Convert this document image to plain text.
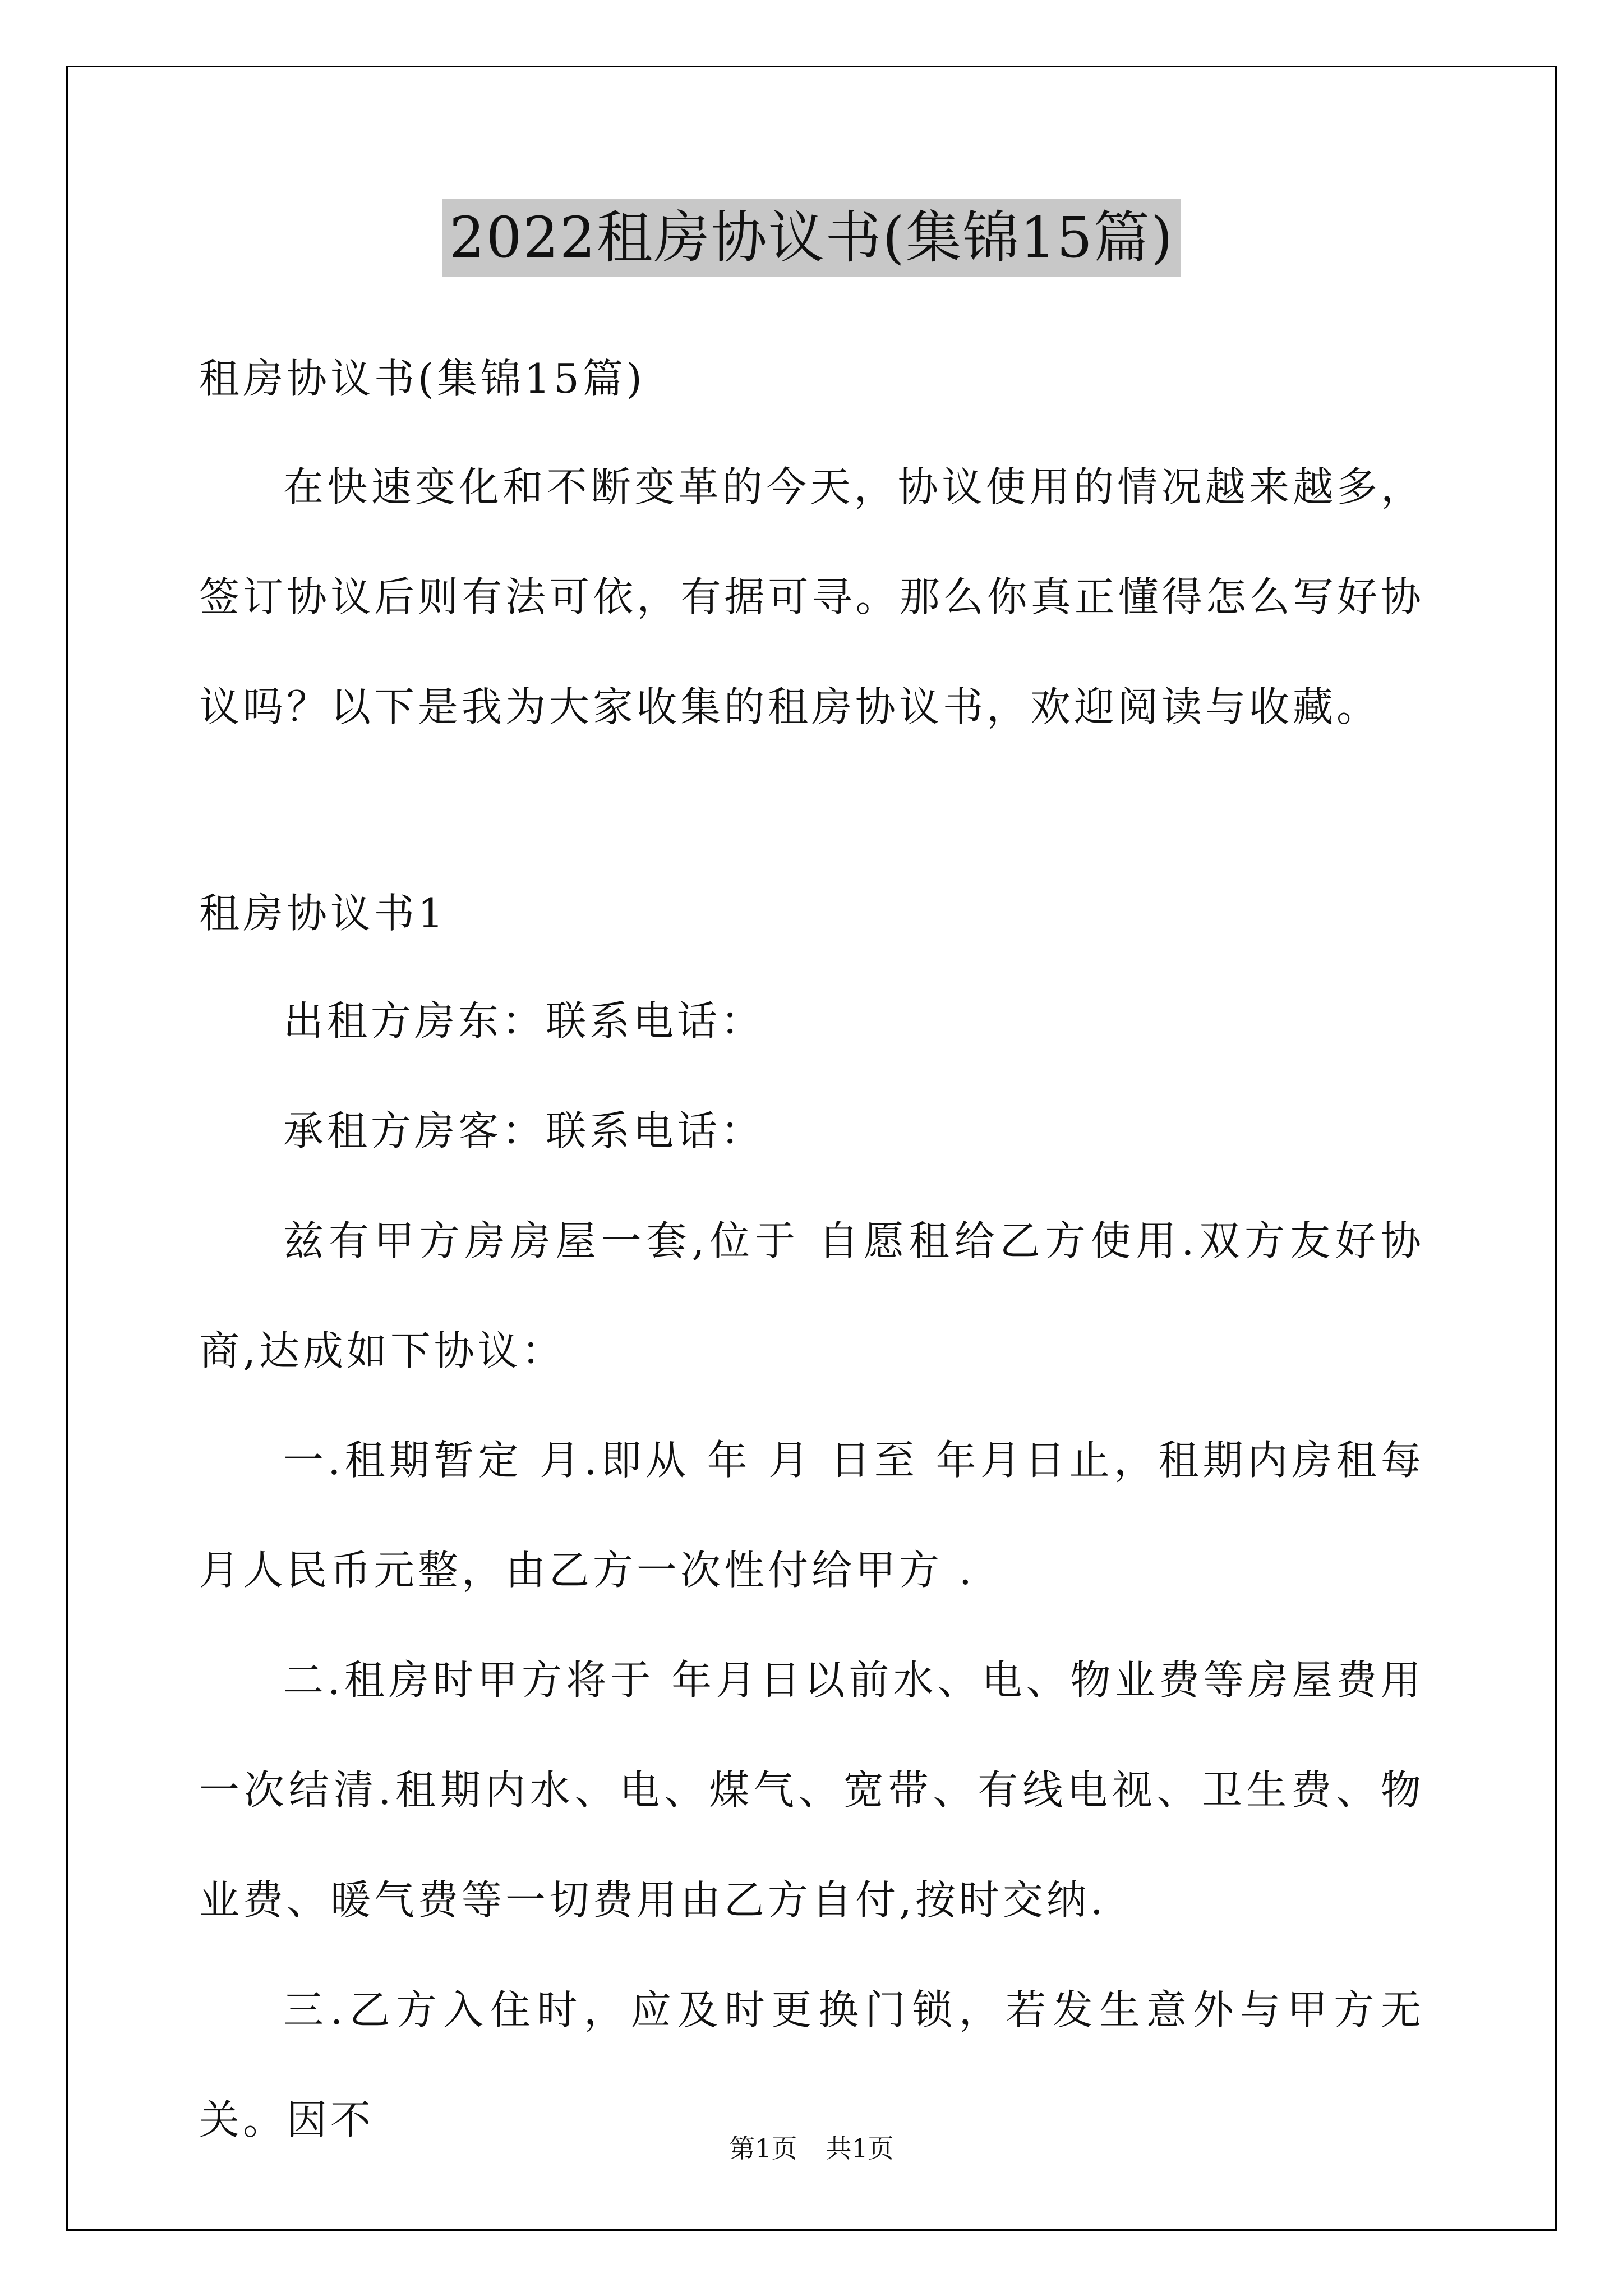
2022租房协议书(集锦15篇)
租房协议书(集锦15篇)
在快速变化和不断变革的今天，协议使用的情况越来越多，签订协议后则有法可依，有据可寻。那么你真正懂得怎么写好协议吗？以下是我为大家收集的租房协议书，欢迎阅读与收藏。
租房协议书1
出租方房东：联系电话：
承租方房客：联系电话：
兹有甲方房房屋一套,位于 自愿租给乙方使用.双方友好协商,达成如下协议：
一.租期暂定 月.即从 年 月 日至 年月日止，租期内房租每月人民币元整，由乙方一次性付给甲方 .
二.租房时甲方将于 年月日以前水、电、物业费等房屋费用一次结清.租期内水、电、煤气、宽带、有线电视、卫生费、物业费、暖气费等一切费用由乙方自付,按时交纳.
三.乙方入住时，应及时更换门锁，若发生意外与甲方无关。因不
第1页 共1页
